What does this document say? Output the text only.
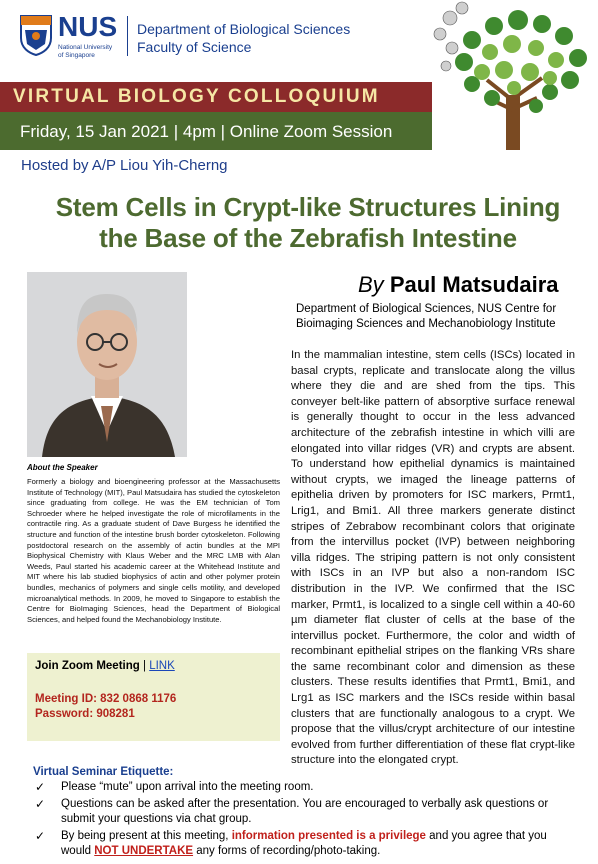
NUS
National University
of Singapore
Department of Biological Sciences
Faculty of Science
VIRTUAL BIOLOGY COLLOQUIUM
Friday, 15 Jan 2021 | 4pm | Online Zoom Session
Hosted by A/P Liou Yih-Cherng
Stem Cells in Crypt-like Structures Lining
the Base of the Zebrafish Intestine
By Paul Matsudaira
Department of Biological Sciences, NUS Centre for
Bioimaging Sciences and Mechanobiology Institute
In the mammalian intestine, stem cells (ISCs) located in basal crypts, replicate and translocate along the villus where they die and are shed from the tips. This conveyer belt-like pattern of absorptive surface renewal is generally thought to occur in the less advanced architecture of the zebrafish intestine in which villi are elongated into villar ridges (VR) and crypts are absent. To understand how epithelial dynamics is maintained without crypts, we imaged the lineage patterns of epithelia driven by promoters for ISC markers, Prmt1, Lrig1, and Bmi1. All three markers generate distinct stripes of Zebrabow recombinant colors that originate from the intervillus pocket (IVP) between neighboring villa ridges. The striping pattern is not only consistent with ISCs in an IVP but also a non-random ISC distribution in the IVP. We confirmed that the ISC marker, Prmt1, is localized to a single cell within a 40-60 µm diameter flat cluster of cells at the base of the intervillus pocket. Furthermore, the color and width of recombinant epithelial stripes on the flanking VRs share the same recombinant color and dimension as these clusters. These results identifies that Prmt1, Bmi1, and Lrg1 as ISC markers and the ISCs reside within basal clusters that are functionally analogous to a crypt. We propose that the villus/crypt architecture of our intestine evolved from further differentiation of these flat crypt-like structure into the elongated crypt.
About the Speaker
Formerly a biology and bioengineering professor at the Massachusetts Institute of Technology (MIT), Paul Matsudaira has studied the cytoskeleton since graduating from college. He was the EM technician of Tom Schroeder where he helped investigate the role of microfilaments in the contractile ring. As a graduate student of Dave Burgess he identified the structure and function of the intestine brush border cytoskeleton. Following postdoctoral research on the assembly of actin bundles at the MPI Biophysical Chemistry with Klaus Weber and the MRC LMB with Alan Weeds, Paul started his academic career at the Whitehead Institute and MIT where his lab studied biophysics of actin and other polymer protein bundles, mechanics of polymers and single cells motility, and developed microanalytical methods. In 2009, he moved to Singapore to establish the Centre for BioImaging Sciences, head the Department of Biological Sciences, and helped found the Mechanobiology Institute.
Join Zoom Meeting | LINK
Meeting ID: 832 0868 1176
Password: 908281
Virtual Seminar Etiquette:
✓ Please “mute” upon arrival into the meeting room.
✓ Questions can be asked after the presentation. You are encouraged to verbally ask questions or submit your questions via chat group.
✓ By being present at this meeting, information presented is a privilege and you agree that you would NOT UNDERTAKE any forms of recording/photo-taking.
